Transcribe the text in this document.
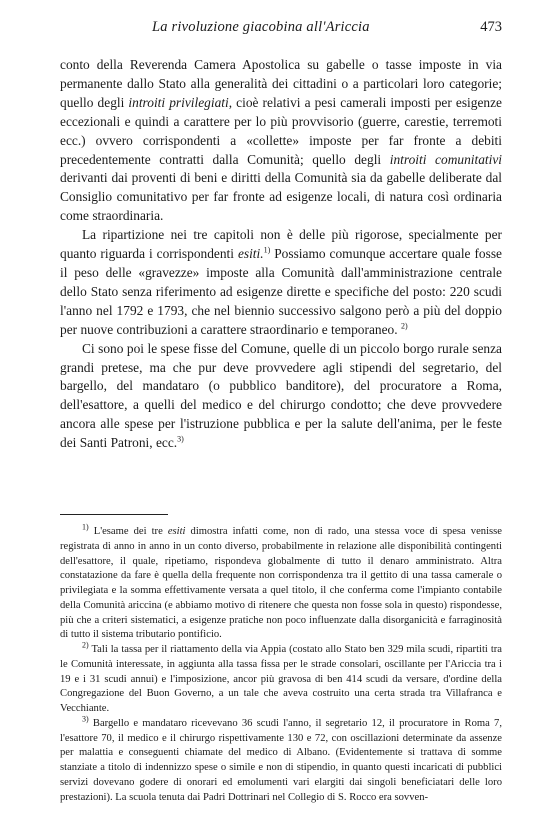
La rivoluzione giacobina all'Ariccia	473

conto della Reverenda Camera Apostolica su gabelle o tasse imposte in via permanente dallo Stato alla generalità dei cittadini o a particolari loro categorie; quello degli introiti privilegiati, cioè relativi a pesi camerali imposti per esigenze eccezionali e quindi a carattere per lo più provvisorio (guerre, carestie, terremoti ecc.) ovvero corrispondenti a «collette» imposte per far fronte a debiti precedentemente contratti dalla Comunità; quello degli introiti comunitativi derivanti dai proventi di beni e diritti della Comunità sia da gabelle deliberate dal Consiglio comunitativo per far fronte ad esigenze locali, di natura così ordinaria come straordinaria.

La ripartizione nei tre capitoli non è delle più rigorose, specialmente per quanto riguarda i corrispondenti esiti.$^{1)}$ Possiamo comunque accertare quale fosse il peso delle «gravezze» imposte alla Comunità dall'amministrazione centrale dello Stato senza riferimento ad esigenze dirette e specifiche del posto: 220 scudi l'anno nel 1792 e 1793, che nel biennio successivo salgono però a più del doppio per nuove contribuzioni a carattere straordinario e temporaneo. $^{2)}$

Ci sono poi le spese fisse del Comune, quelle di un piccolo borgo rurale senza grandi pretese, ma che pur deve provvedere agli stipendi del segretario, del bargello, del mandataro (o pubblico banditore), del procuratore a Roma, dell'esattore, a quelli del medico e del chirurgo condotto; che deve provvedere ancora alle spese per l'istruzione pubblica e per la salute dell'anima, per le feste dei Santi Patroni, ecc.$^{3)}$

$^{1)}$ L'esame dei tre esiti dimostra infatti come, non di rado, una stessa voce di spesa venisse registrata di anno in anno in un conto diverso, probabilmente in relazione alle disponibilità contingenti dell'esattore, il quale, ripetiamo, rispondeva globalmente di tutto il denaro amministrato. Altra constatazione da fare è quella della frequente non corrispondenza tra il gettito di una tassa camerale o privilegiata e la somma effettivamente versata a quel titolo, il che conferma come l'impianto contabile della Comunità ariccina (e abbiamo motivo di ritenere che questa non fosse sola in questo) rispondesse, più che a criteri sistematici, a esigenze pratiche non poco influenzate dalla disorganicità e farraginosità di tutto il sistema tributario pontificio.

$^{2)}$ Tali la tassa per il riattamento della via Appia (costato allo Stato ben 329 mila scudi, ripartiti tra le Comunità interessate, in aggiunta alla tassa fissa per le strade consolari, oscillante per l'Ariccia tra i 19 e i 31 scudi annui) e l'imposizione, ancor più gravosa di ben 414 scudi da versare, d'ordine della Congregazione del Buon Governo, a un tale che aveva costruito una certa strada tra Villafranca e Vecchiante.

$^{3)}$ Bargello e mandataro ricevevano 36 scudi l'anno, il segretario 12, il procuratore in Roma 7, l'esattore 70, il medico e il chirurgo rispettivamente 130 e 72, con oscillazioni determinate da assenze per malattia e conseguenti chiamate del medico di Albano. (Evidentemente si trattava di somme stanziate a titolo di indennizzo spese o simile e non di stipendio, in quanto questi incaricati di pubblici servizi dovevano godere di onorari ed emolumenti vari elargiti dai singoli beneficiatari delle loro prestazioni). La scuola tenuta dai Padri Dottrinari nel Collegio di S. Rocco era sovven-
